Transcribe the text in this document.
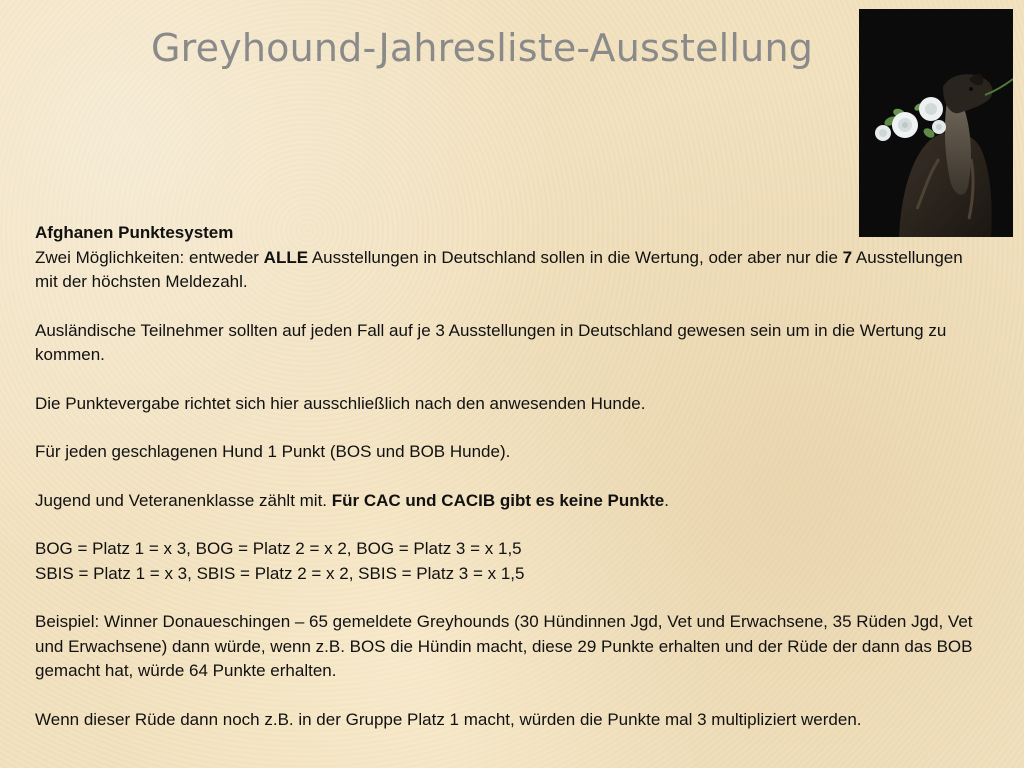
Greyhound-Jahresliste-Ausstellung

Afghanen Punktesystem

Zwei Möglichkeiten: entweder ALLE Ausstellungen in Deutschland sollen in die Wertung, oder aber nur die 7 Ausstellungen mit der höchsten Meldezahl.

Ausländische Teilnehmer sollten auf jeden Fall auf je 3 Ausstellungen in Deutschland gewesen sein um in die Wertung zu kommen.

Die Punktevergabe richtet sich hier ausschließlich nach den anwesenden Hunde.

Für jeden geschlagenen Hund 1 Punkt (BOS und BOB Hunde).

Jugend und Veteranenklasse zählt mit. Für CAC und CACIB gibt es keine Punkte.

BOG = Platz 1 = x 3, BOG = Platz 2 = x 2, BOG = Platz 3 = x 1,5

SBIS = Platz 1 = x 3, SBIS = Platz 2 = x 2, SBIS = Platz 3 = x 1,5

Beispiel: Winner Donaueschingen – 65 gemeldete Greyhounds (30 Hündinnen Jgd, Vet und Erwachsene, 35 Rüden Jgd, Vet und Erwachsene) dann würde, wenn z.B. BOS die Hündin macht, diese 29 Punkte erhalten und der Rüde der dann das BOB gemacht hat, würde 64 Punkte erhalten.

Wenn dieser Rüde dann noch z.B. in der Gruppe Platz 1 macht, würden die Punkte mal 3 multipliziert werden.
